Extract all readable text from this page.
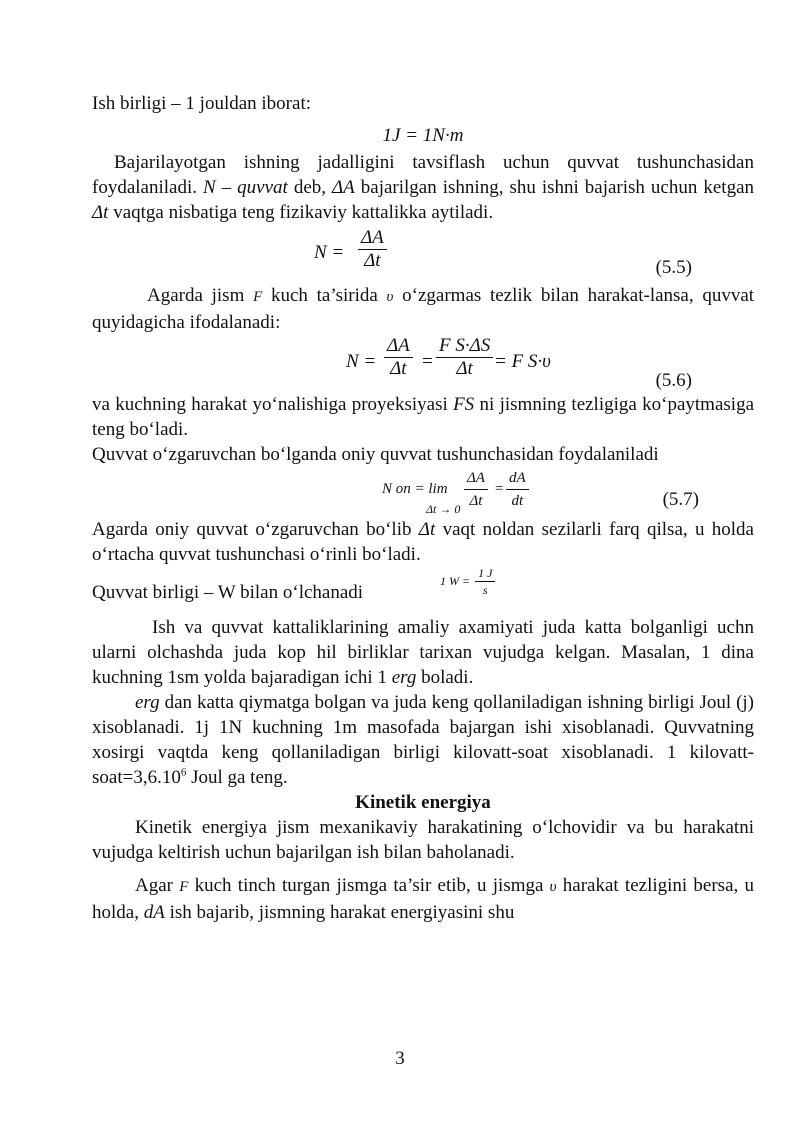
Ish birligi – 1 jouldan iborat:

1J = 1N·m

Bajarilayotgan ishning jadalligini tavsiflash uchun quvvat tushunchasidan foydalaniladi. N – quvvat deb, ΔA bajarilgan ishning, shu ishni bajarish uchun ketgan Δt vaqtga nisbatiga teng fizikaviy kattalikka aytiladi.

$N = \frac{\Delta A}{\Delta t}$	(5.5)

Agarda jism F kuch ta’sirida υ o‘zgarmas tezlik bilan harakat-lansa, quvvat quyidagicha ifodalanadi:

$N = \frac{\Delta A}{\Delta t} = \frac{\text{F S·ΔS}}{\Delta t} = F$ S·υ
(5.6)

va kuchning harakat yo‘nalishiga proyeksiyasi FS ni jismning tezligiga ko‘paytmasiga teng bo‘ladi.

Quvvat o‘zgaruvchan bo‘lganda oniy quvvat tushunchasidan foydalaniladi

N on = lim
$\Delta t \to 0 \frac{\Delta A}{\Delta t} = \frac{dA}{dt}$	(5.7)

Agarda oniy quvvat o‘zgaruvchan bo‘lib Δt vaqt noldan sezilarli farq qilsa, u holda o‘rtacha quvvat tushunchasi o‘rinli bo‘ladi.

Quvvat birligi – W bilan o‘lchanadi
1 $W = \frac{1 J}{s}$

Ish va quvvat kattaliklarining amaliy axamiyati juda katta bolganligi uchn ularni olchashda juda kop hil birliklar tarixan vujudga kelgan. Masalan, 1 dina kuchning 1sm yolda bajaradigan ichi 1 erg boladi.

erg dan katta qiymatga bolgan va juda keng qollaniladigan ishning birligi Joul (j) xisoblanadi. 1j 1N kuchning 1m masofada bajargan ishi xisoblanadi. Quvvatning xosirgi vaqtda keng qollaniladigan birligi kilovatt-soat xisoblanadi. 1 kilovatt-$soat=3,6.10^6$ Joul ga teng.

Kinetik energiya

Kinetik energiya jism mexanikaviy harakatining o‘lchovidir va bu harakatni vujudga keltirish uchun bajarilgan ish bilan baholanadi.

Agar F kuch tinch turgan jismga ta’sir etib, u jismga υ harakat tezligini bersa, u holda, dA ish bajarib, jismning harakat energiyasini shu

3
